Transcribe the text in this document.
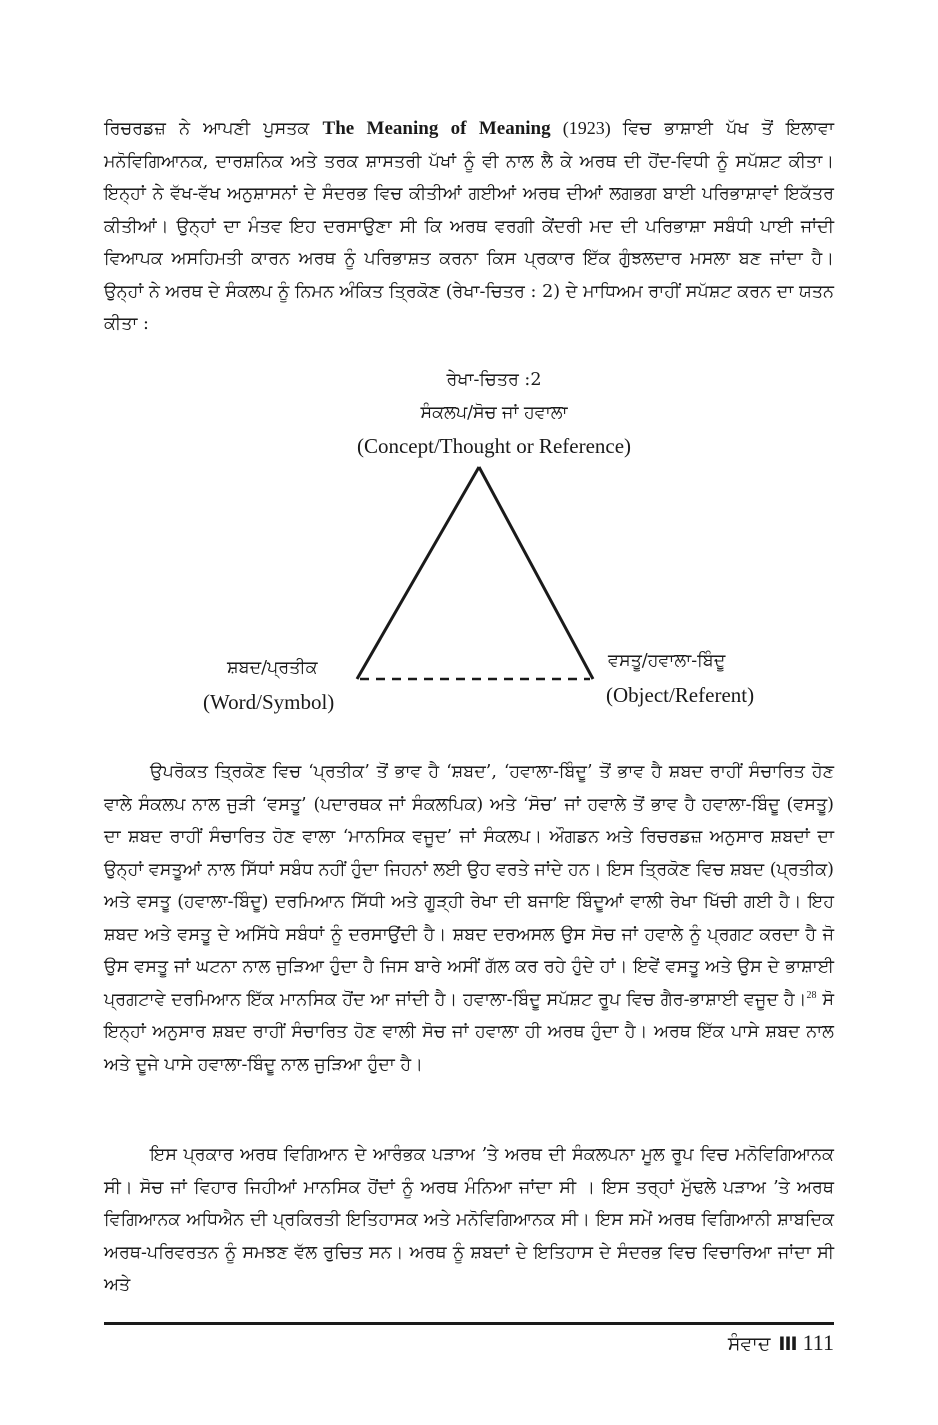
ਰਿਚਰਡਜ਼ ਨੇ ਆਪਣੀ ਪੁਸਤਕ The Meaning of Meaning (1923) ਵਿਚ ਭਾਸ਼ਾਈ ਪੱਖ ਤੋਂ ਇਲਾਵਾ ਮਨੋਵਿਗਿਆਨਕ, ਦਾਰਸ਼ਨਿਕ ਅਤੇ ਤਰਕ ਸ਼ਾਸਤਰੀ ਪੱਖਾਂ ਨੂੰ ਵੀ ਨਾਲ ਲੈ ਕੇ ਅਰਥ ਦੀ ਹੋਂਦ-ਵਿਧੀ ਨੂੰ ਸਪੱਸ਼ਟ ਕੀਤਾ। ਇਨ੍ਹਾਂ ਨੇ ਵੱਖ-ਵੱਖ ਅਨੁਸ਼ਾਸਨਾਂ ਦੇ ਸੰਦਰਭ ਵਿਚ ਕੀਤੀਆਂ ਗਈਆਂ ਅਰਥ ਦੀਆਂ ਲਗਭਗ ਬਾਈ ਪਰਿਭਾਸ਼ਾਵਾਂ ਇਕੱਤਰ ਕੀਤੀਆਂ। ਉਨ੍ਹਾਂ ਦਾ ਮੰਤਵ ਇਹ ਦਰਸਾਉਣਾ ਸੀ ਕਿ ਅਰਥ ਵਰਗੀ ਕੇਂਦਰੀ ਮਦ ਦੀ ਪਰਿਭਾਸ਼ਾ ਸਬੰਧੀ ਪਾਈ ਜਾਂਦੀ ਵਿਆਪਕ ਅਸਹਿਮਤੀ ਕਾਰਨ ਅਰਥ ਨੂੰ ਪਰਿਭਾਸ਼ਤ ਕਰਨਾ ਕਿਸ ਪ੍ਰਕਾਰ ਇੱਕ ਗੁੰਝਲਦਾਰ ਮਸਲਾ ਬਣ ਜਾਂਦਾ ਹੈ। ਉਨ੍ਹਾਂ ਨੇ ਅਰਥ ਦੇ ਸੰਕਲਪ ਨੂੰ ਨਿਮਨ ਅੰਕਿਤ ਤ੍ਰਿਕੋਣ (ਰੇਖਾ-ਚਿਤਰ : 2) ਦੇ ਮਾਧਿਅਮ ਰਾਹੀਂ ਸਪੱਸ਼ਟ ਕਰਨ ਦਾ ਯਤਨ ਕੀਤਾ :

ਰੇਖਾ-ਚਿਤਰ :2
ਸੰਕਲਪ/ਸੋਚ ਜਾਂ ਹਵਾਲਾ
(Concept/Thought or Reference)
ਸ਼ਬਦ/ਪ੍ਰਤੀਕ
(Word/Symbol)
ਵਸਤੂ/ਹਵਾਲਾ-ਬਿੰਦੂ
(Object/Referent)

ਉਪਰੋਕਤ ਤ੍ਰਿਕੋਣ ਵਿਚ ‘ਪ੍ਰਤੀਕ’ ਤੋਂ ਭਾਵ ਹੈ ‘ਸ਼ਬਦ’, ‘ਹਵਾਲਾ-ਬਿੰਦੂ’ ਤੋਂ ਭਾਵ ਹੈ ਸ਼ਬਦ ਰਾਹੀਂ ਸੰਚਾਰਿਤ ਹੋਣ ਵਾਲੇ ਸੰਕਲਪ ਨਾਲ ਜੁੜੀ ‘ਵਸਤੂ’ (ਪਦਾਰਥਕ ਜਾਂ ਸੰਕਲਪਿਕ) ਅਤੇ ‘ਸੋਚ’ ਜਾਂ ਹਵਾਲੇ ਤੋਂ ਭਾਵ ਹੈ ਹਵਾਲਾ-ਬਿੰਦੂ (ਵਸਤੂ) ਦਾ ਸ਼ਬਦ ਰਾਹੀਂ ਸੰਚਾਰਿਤ ਹੋਣ ਵਾਲਾ ‘ਮਾਨਸਿਕ ਵਜੂਦ’ ਜਾਂ ਸੰਕਲਪ। ਔਗਡਨ ਅਤੇ ਰਿਚਰਡਜ਼ ਅਨੁਸਾਰ ਸ਼ਬਦਾਂ ਦਾ ਉਨ੍ਹਾਂ ਵਸਤੂਆਂ ਨਾਲ ਸਿੱਧਾਂ ਸਬੰਧ ਨਹੀਂ ਹੁੰਦਾ ਜਿਹਨਾਂ ਲਈ ਉਹ ਵਰਤੇ ਜਾਂਦੇ ਹਨ। ਇਸ ਤ੍ਰਿਕੋਣ ਵਿਚ ਸ਼ਬਦ (ਪ੍ਰਤੀਕ) ਅਤੇ ਵਸਤੂ (ਹਵਾਲਾ-ਬਿੰਦੂ) ਦਰਮਿਆਨ ਸਿੱਧੀ ਅਤੇ ਗੂੜ੍ਹੀ ਰੇਖਾ ਦੀ ਬਜਾਇ ਬਿੰਦੂਆਂ ਵਾਲੀ ਰੇਖਾ ਖਿੱਚੀ ਗਈ ਹੈ। ਇਹ ਸ਼ਬਦ ਅਤੇ ਵਸਤੂ ਦੇ ਅਸਿੱਧੇ ਸਬੰਧਾਂ ਨੂੰ ਦਰਸਾਉਂਦੀ ਹੈ। ਸ਼ਬਦ ਦਰਅਸਲ ਉਸ ਸੋਚ ਜਾਂ ਹਵਾਲੇ ਨੂੰ ਪ੍ਰਗਟ ਕਰਦਾ ਹੈ ਜੋ ਉਸ ਵਸਤੂ ਜਾਂ ਘਟਨਾ ਨਾਲ ਜੁੜਿਆ ਹੁੰਦਾ ਹੈ ਜਿਸ ਬਾਰੇ ਅਸੀਂ ਗੱਲ ਕਰ ਰਹੇ ਹੁੰਦੇ ਹਾਂ। ਇਵੇਂ ਵਸਤੂ ਅਤੇ ਉਸ ਦੇ ਭਾਸ਼ਾਈ ਪ੍ਰਗਟਾਵੇ ਦਰਮਿਆਨ ਇੱਕ ਮਾਨਸਿਕ ਹੋਂਦ ਆ ਜਾਂਦੀ ਹੈ। ਹਵਾਲਾ-ਬਿੰਦੂ ਸਪੱਸ਼ਟ ਰੂਪ ਵਿਚ ਗੈਰ-ਭਾਸ਼ਾਈ ਵਜੂਦ ਹੈ।$^{28}$ ਸੋ ਇਨ੍ਹਾਂ ਅਨੁਸਾਰ ਸ਼ਬਦ ਰਾਹੀਂ ਸੰਚਾਰਿਤ ਹੋਣ ਵਾਲੀ ਸੋਚ ਜਾਂ ਹਵਾਲਾ ਹੀ ਅਰਥ ਹੁੰਦਾ ਹੈ। ਅਰਥ ਇੱਕ ਪਾਸੇ ਸ਼ਬਦ ਨਾਲ ਅਤੇ ਦੂਜੇ ਪਾਸੇ ਹਵਾਲਾ-ਬਿੰਦੂ ਨਾਲ ਜੁੜਿਆ ਹੁੰਦਾ ਹੈ।

ਇਸ ਪ੍ਰਕਾਰ ਅਰਥ ਵਿਗਿਆਨ ਦੇ ਆਰੰਭਕ ਪੜਾਅ ’ਤੇ ਅਰਥ ਦੀ ਸੰਕਲਪਨਾ ਮੂਲ ਰੂਪ ਵਿਚ ਮਨੋਵਿਗਿਆਨਕ ਸੀ। ਸੋਚ ਜਾਂ ਵਿਹਾਰ ਜਿਹੀਆਂ ਮਾਨਸਿਕ ਹੋਂਦਾਂ ਨੂੰ ਅਰਥ ਮੰਨਿਆ ਜਾਂਦਾ ਸੀ । ਇਸ ਤਰ੍ਹਾਂ ਮੁੱਢਲੇ ਪੜਾਅ ’ਤੇ ਅਰਥ ਵਿਗਿਆਨਕ ਅਧਿਐਨ ਦੀ ਪ੍ਰਕਿਰਤੀ ਇਤਿਹਾਸਕ ਅਤੇ ਮਨੋਵਿਗਿਆਨਕ ਸੀ। ਇਸ ਸਮੇਂ ਅਰਥ ਵਿਗਿਆਨੀ ਸ਼ਾਬਦਿਕ ਅਰਥ-ਪਰਿਵਰਤਨ ਨੂੰ ਸਮਝਣ ਵੱਲ ਰੁਚਿਤ ਸਨ। ਅਰਥ ਨੂੰ ਸ਼ਬਦਾਂ ਦੇ ਇਤਿਹਾਸ ਦੇ ਸੰਦਰਭ ਵਿਚ ਵਿਚਾਰਿਆ ਜਾਂਦਾ ਸੀ ਅਤੇ

ਸੰਵਾਦ III 111
